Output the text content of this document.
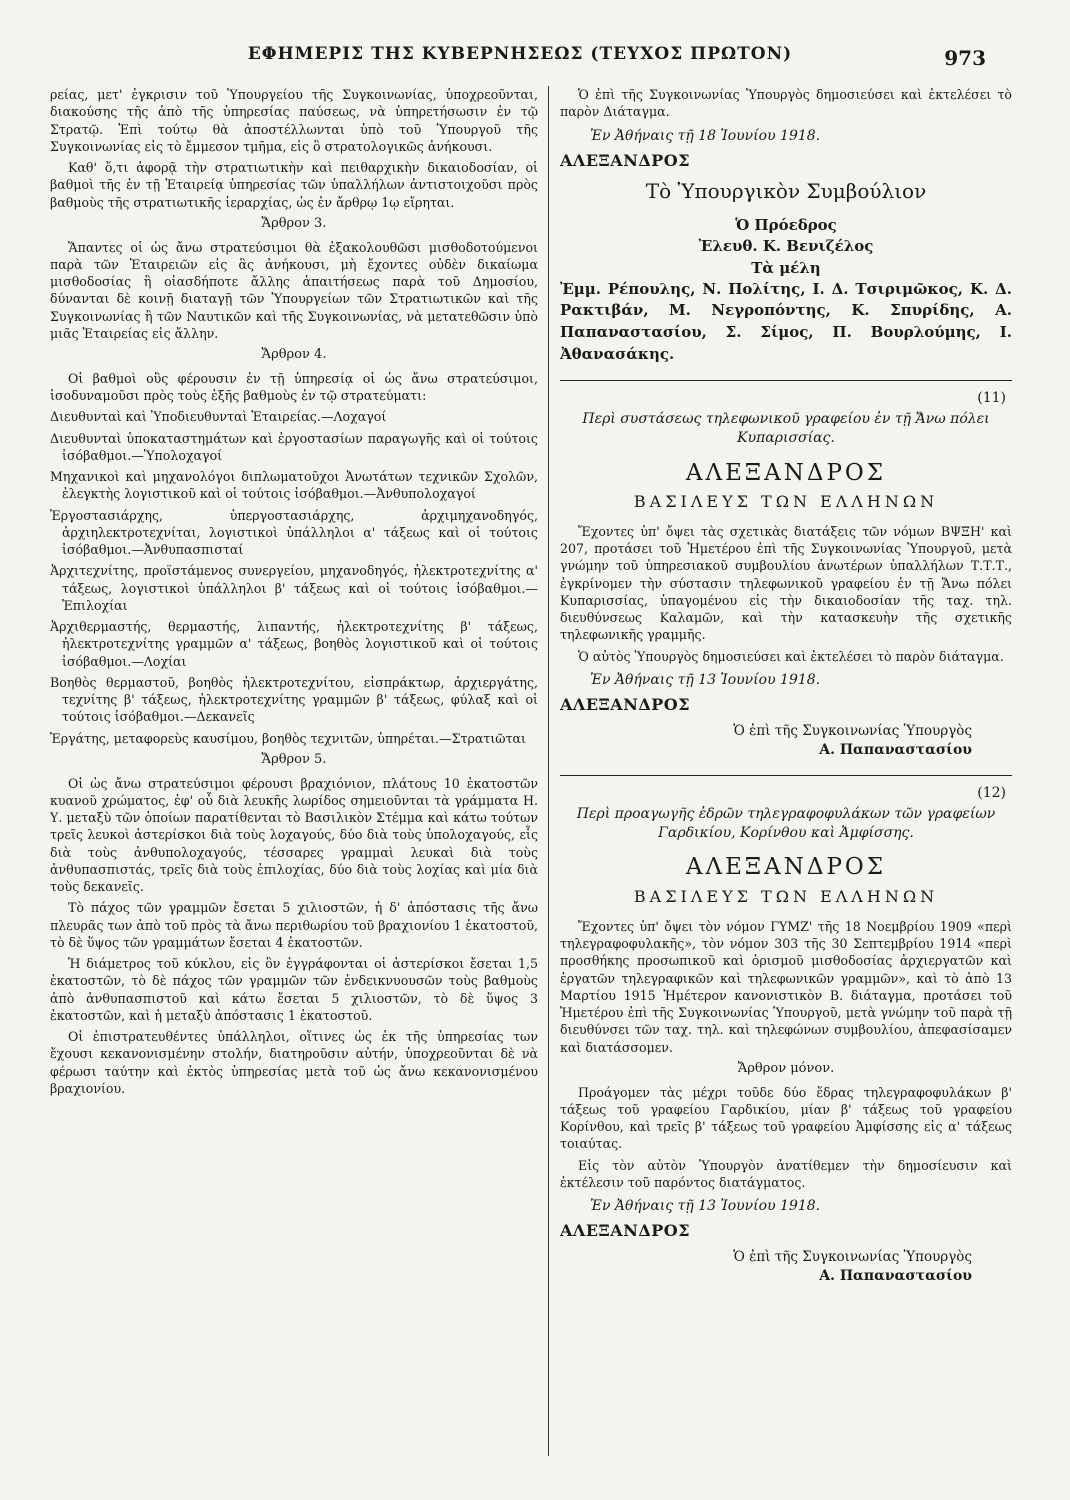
ΕΦΗΜΕΡΙΣ ΤΗΣ ΚΥΒΕΡΝΗΣΕΩΣ (ΤΕΥΧΟΣ ΠΡΩΤΟΝ)	973

ρείας, μετ' ἐγκρισιν τοῦ Ὑπουργείου τῆς Συγκοινωνίας, ὑποχρεοῦνται, διακούσης τῆς ἀπὸ τῆς ὑπηρεσίας παύσεως, νὰ ὑπηρετήσωσιν ἐν τῷ Στρατῷ. Ἐπὶ τούτῳ θὰ ἀποστέλλωνται ὑπὸ τοῦ Ὑπουργοῦ τῆς Συγκοινωνίας εἰς τὸ ἔμμεσον τμῆμα, εἰς ὃ στρατολογικῶς ἀνήκουσι.

Καθ' ὅ,τι ἀφορᾷ τὴν στρατιωτικὴν καὶ πειθαρχικὴν δικαιοδοσίαν, οἱ βαθμοὶ τῆς ἐν τῇ Ἑταιρείᾳ ὑπηρεσίας τῶν ὑπαλλήλων ἀντιστοιχοῦσι πρὸς βαθμοὺς τῆς στρατιωτικῆς ἱεραρχίας, ὡς ἐν ἄρθρῳ 1ῳ εἴρηται.

Ἄρθρον 3.

Ἅπαντες οἱ ὡς ἄνω στρατεύσιμοι θὰ ἐξακολουθῶσι μισθοδοτούμενοι παρὰ τῶν Ἑταιρειῶν εἰς ἃς ἀνήκουσι, μὴ ἔχοντες οὐδὲν δικαίωμα μισθοδοσίας ἢ οἱασδήποτε ἄλλης ἀπαιτήσεως παρὰ τοῦ Δημοσίου, δύνανται δὲ κοινῇ διαταγῇ τῶν Ὑπουργείων τῶν Στρατιωτικῶν καὶ τῆς Συγκοινωνίας ἢ τῶν Ναυτικῶν καὶ τῆς Συγκοινωνίας, νὰ μετατεθῶσιν ὑπὸ μιᾶς Ἑταιρείας εἰς ἄλλην.

Ἄρθρον 4.

Οἱ βαθμοὶ οὓς φέρουσιν ἐν τῇ ὑπηρεσίᾳ οἱ ὡς ἄνω στρατεύσιμοι, ἰσοδυναμοῦσι πρὸς τοὺς ἑξῆς βαθμοὺς ἐν τῷ στρατεύματι:

Διευθυνταὶ καὶ Ὑποδιευθυνταὶ Ἑταιρείας.—Λοχαγοί
Διευθυνταὶ ὑποκαταστημάτων καὶ ἐργοστασίων παραγωγῆς καὶ οἱ τούτοις ἰσόβαθμοι.—Ὑπολοχαγοί
Μηχανικοὶ καὶ μηχανολόγοι διπλωματοῦχοι Ἀνωτάτων τεχνικῶν Σχολῶν, ἐλεγκτὴς λογιστικοῦ καὶ οἱ τούτοις ἰσόβαθμοι.—Ἀνθυπολοχαγοί
Ἐργοστασιάρχης, ὑπεργοστασιάρχης, ἀρχιμηχανοδηγός, ἀρχιηλεκτροτεχνίται, λογιστικοὶ ὑπάλληλοι α' τάξεως καὶ οἱ τούτοις ἰσόβαθμοι.—Ἀνθυπασπισταί
Ἀρχιτεχνίτης, προϊστάμενος συνεργείου, μηχανοδηγός, ἠλεκτροτεχνίτης α' τάξεως, λογιστικοὶ ὑπάλληλοι β' τάξεως καὶ οἱ τούτοις ἰσόβαθμοι.—Ἐπιλοχίαι
Ἀρχιθερμαστής, θερμαστής, λιπαντής, ἠλεκτροτεχνίτης β' τάξεως, ἠλεκτροτεχνίτης γραμμῶν α' τάξεως, βοηθὸς λογιστικοῦ καὶ οἱ τούτοις ἰσόβαθμοι.—Λοχίαι
Βοηθὸς θερμαστοῦ, βοηθὸς ἠλεκτροτεχνίτου, εἰσπράκτωρ, ἀρχιεργάτης, τεχνίτης β' τάξεως, ἠλεκτροτεχνίτης γραμμῶν β' τάξεως, φύλαξ καὶ οἱ τούτοις ἰσόβαθμοι.—Δεκανεῖς
Ἐργάτης, μεταφορεὺς καυσίμου, βοηθὸς τεχνιτῶν, ὑπηρέται.—Στρατιῶται
Ἄρθρον 5.

Οἱ ὡς ἄνω στρατεύσιμοι φέρουσι βραχιόνιον, πλάτους 10 ἑκατοστῶν κυανοῦ χρώματος, ἐφ' οὗ διὰ λευκῆς λωρίδος σημειοῦνται τὰ γράμματα Η. Υ. μεταξὺ τῶν ὁποίων παρατίθενται τὸ Βασιλικὸν Στέμμα καὶ κάτω τούτων τρεῖς λευκοὶ ἀστερίσκοι διὰ τοὺς λοχαγούς, δύο διὰ τοὺς ὑπολοχαγούς, εἷς διὰ τοὺς ἀνθυπολοχαγούς, τέσσαρες γραμμαὶ λευκαὶ διὰ τοὺς ἀνθυπασπιστάς, τρεῖς διὰ τοὺς ἐπιλοχίας, δύο διὰ τοὺς λοχίας καὶ μία διὰ τοὺς δεκανεῖς.

Τὸ πάχος τῶν γραμμῶν ἔσεται 5 χιλιοστῶν, ἡ δ' ἀπόστασις τῆς ἄνω πλευρᾶς των ἀπὸ τοῦ πρὸς τὰ ἄνω περιθωρίου τοῦ βραχιονίου 1 ἑκατοστοῦ, τὸ δὲ ὕψος τῶν γραμμάτων ἔσεται 4 ἑκατοστῶν.

Ἡ διάμετρος τοῦ κύκλου, εἰς ὃν ἐγγράφονται οἱ ἀστερίσκοι ἔσεται 1,5 ἑκατοστῶν, τὸ δὲ πάχος τῶν γραμμῶν τῶν ἐνδεικνυουσῶν τοὺς βαθμοὺς ἀπὸ ἀνθυπασπιστοῦ καὶ κάτω ἔσεται 5 χιλιοστῶν, τὸ δὲ ὕψος 3 ἑκατοστῶν, καὶ ἡ μεταξὺ ἀπόστασις 1 ἑκατοστοῦ.

Οἱ ἐπιστρατευθέντες ὑπάλληλοι, οἵτινες ὡς ἐκ τῆς ὑπηρεσίας των ἔχουσι κεκανονισμένην στολήν, διατηροῦσιν αὐτήν, ὑποχρεοῦνται δὲ νὰ φέρωσι ταύτην καὶ ἐκτὸς ὑπηρεσίας μετὰ τοῦ ὡς ἄνω κεκανονισμένου βραχιονίου.

Ὁ ἐπὶ τῆς Συγκοινωνίας Ὑπουργὸς δημοσιεύσει καὶ ἐκτελέσει τὸ παρὸν Διάταγμα.

Ἐν Ἀθήναις τῇ 18 Ἰουνίου 1918.
ΑΛΕΞΑΝΔΡΟΣ
Τὸ Ὑπουργικὸν Συμβούλιον
Ὁ Πρόεδρος
Ἐλευθ. Κ. Βενιζέλος
Τὰ μέλη
Ἐμμ. Ρέπουλης, Ν. Πολίτης, Ι. Δ. Τσιριμῶκος, Κ. Δ. Ρακτιβάν, Μ. Νεγροπόντης, Κ. Σπυρίδης, Α. Παπαναστασίου, Σ. Σίμος, Π. Βουρλούμης, Ι. Ἀθανασάκης.
(11)
Περὶ συστάσεως τηλεφωνικοῦ γραφείου ἐν τῇ Ἄνω πόλει Κυπαρισσίας.
ΑΛΕΞΑΝΔΡΟΣ
ΒΑΣΙΛΕΥΣ ΤΩΝ ΕΛΛΗΝΩΝ

Ἔχοντες ὑπ' ὄψει τὰς σχετικὰς διατάξεις τῶν νόμων ΒΨΞΗ' καὶ 207, προτάσει τοῦ Ἡμετέρου ἐπὶ τῆς Συγκοινωνίας Ὑπουργοῦ, μετὰ γνώμην τοῦ ὑπηρεσιακοῦ συμβουλίου ἀνωτέρων ὑπαλλήλων Τ.Τ.Τ., ἐγκρίνομεν τὴν σύστασιν τηλεφωνικοῦ γραφείου ἐν τῇ Ἄνω πόλει Κυπαρισσίας, ὑπαγομένου εἰς τὴν δικαιοδοσίαν τῆς ταχ. τηλ. διευθύνσεως Καλαμῶν, καὶ τὴν κατασκευὴν τῆς σχετικῆς τηλεφωνικῆς γραμμῆς.

Ὁ αὐτὸς Ὑπουργὸς δημοσιεύσει καὶ ἐκτελέσει τὸ παρὸν διάταγμα.

Ἐν Ἀθήναις τῇ 13 Ἰουνίου 1918.
ΑΛΕΞΑΝΔΡΟΣ
Ὁ ἐπὶ τῆς Συγκοινωνίας Ὑπουργὸς
Α. Παπαναστασίου
(12)
Περὶ προαγωγῆς ἐδρῶν τηλεγραφοφυλάκων τῶν γραφείων Γαρδικίου, Κορίνθου καὶ Ἀμφίσσης.
ΑΛΕΞΑΝΔΡΟΣ
ΒΑΣΙΛΕΥΣ ΤΩΝ ΕΛΛΗΝΩΝ

Ἔχοντες ὑπ' ὄψει τὸν νόμον ΓΥΜΖ' τῆς 18 Νοεμβρίου 1909 «περὶ τηλεγραφοφυλακῆς», τὸν νόμον 303 τῆς 30 Σεπτεμβρίου 1914 «περὶ προσθήκης προσωπικοῦ καὶ ὁρισμοῦ μισθοδοσίας ἀρχιεργατῶν καὶ ἐργατῶν τηλεγραφικῶν καὶ τηλεφωνικῶν γραμμῶν», καὶ τὸ ἀπὸ 13 Μαρτίου 1915 Ἡμέτερον κανονιστικὸν Β. διάταγμα, προτάσει τοῦ Ἡμετέρου ἐπὶ τῆς Συγκοινωνίας Ὑπουργοῦ, μετὰ γνώμην τοῦ παρὰ τῇ διευθύνσει τῶν ταχ. τηλ. καὶ τηλεφώνων συμβουλίου, ἀπεφασίσαμεν καὶ διατάσσομεν.

Ἄρθρον μόνον.

Προάγομεν τὰς μέχρι τοῦδε δύο ἕδρας τηλεγραφοφυλάκων β' τάξεως τοῦ γραφείου Γαρδικίου, μίαν β' τάξεως τοῦ γραφείου Κορίνθου, καὶ τρεῖς β' τάξεως τοῦ γραφείου Ἀμφίσσης εἰς α' τάξεως τοιαύτας.

Εἰς τὸν αὐτὸν Ὑπουργὸν ἀνατίθεμεν τὴν δημοσίευσιν καὶ ἐκτέλεσιν τοῦ παρόντος διατάγματος.

Ἐν Ἀθήναις τῇ 13 Ἰουνίου 1918.
ΑΛΕΞΑΝΔΡΟΣ
Ὁ ἐπὶ τῆς Συγκοινωνίας Ὑπουργὸς
Α. Παπαναστασίου
